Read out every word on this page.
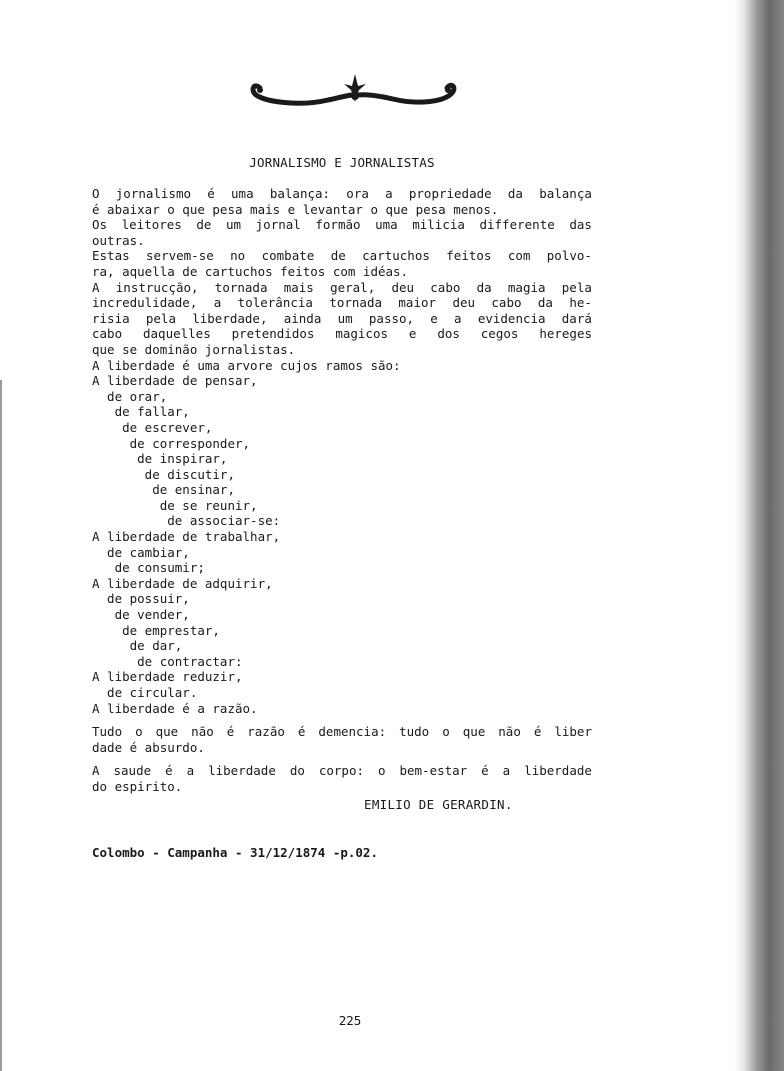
JORNALISMO E JORNALISTAS

O jornalismo é uma balança: ora a propriedade da balança
é abaixar o que pesa mais e levantar o que pesa menos.
Os leitores de um jornal formão uma milicia differente das
outras.
Estas servem-se no combate de cartuchos feitos com polvo-
ra, aquella de cartuchos feitos com idéas.
A instrucção, tornada mais geral, deu cabo da magia pela
incredulidade, a tolerância tornada maior deu cabo da he-
risia pela liberdade, ainda um passo, e a evidencia dará
cabo daquelles pretendidos magicos e dos cegos hereges
que se dominão jornalistas.
A liberdade é uma arvore cujos ramos são:
A liberdade de pensar,
de orar,
de fallar,
de escrever,
de corresponder,
de inspirar,
de discutir,
de ensinar,
de se reunir,
de associar-se:
A liberdade de trabalhar,
de cambiar,
de consumir;
A liberdade de adquirir,
de possuir,
de vender,
de emprestar,
de dar,
de contractar:
A liberdade reduzir,
de circular.
A liberdade é a razão.
Tudo o que não é razão é demencia: tudo o que não é liber
dade é absurdo.
A saude é a liberdade do corpo: o bem-estar é a liberdade
do espirito.

EMILIO DE GERARDIN.

Colombo - Campanha - 31/12/1874 -p.02.

225
